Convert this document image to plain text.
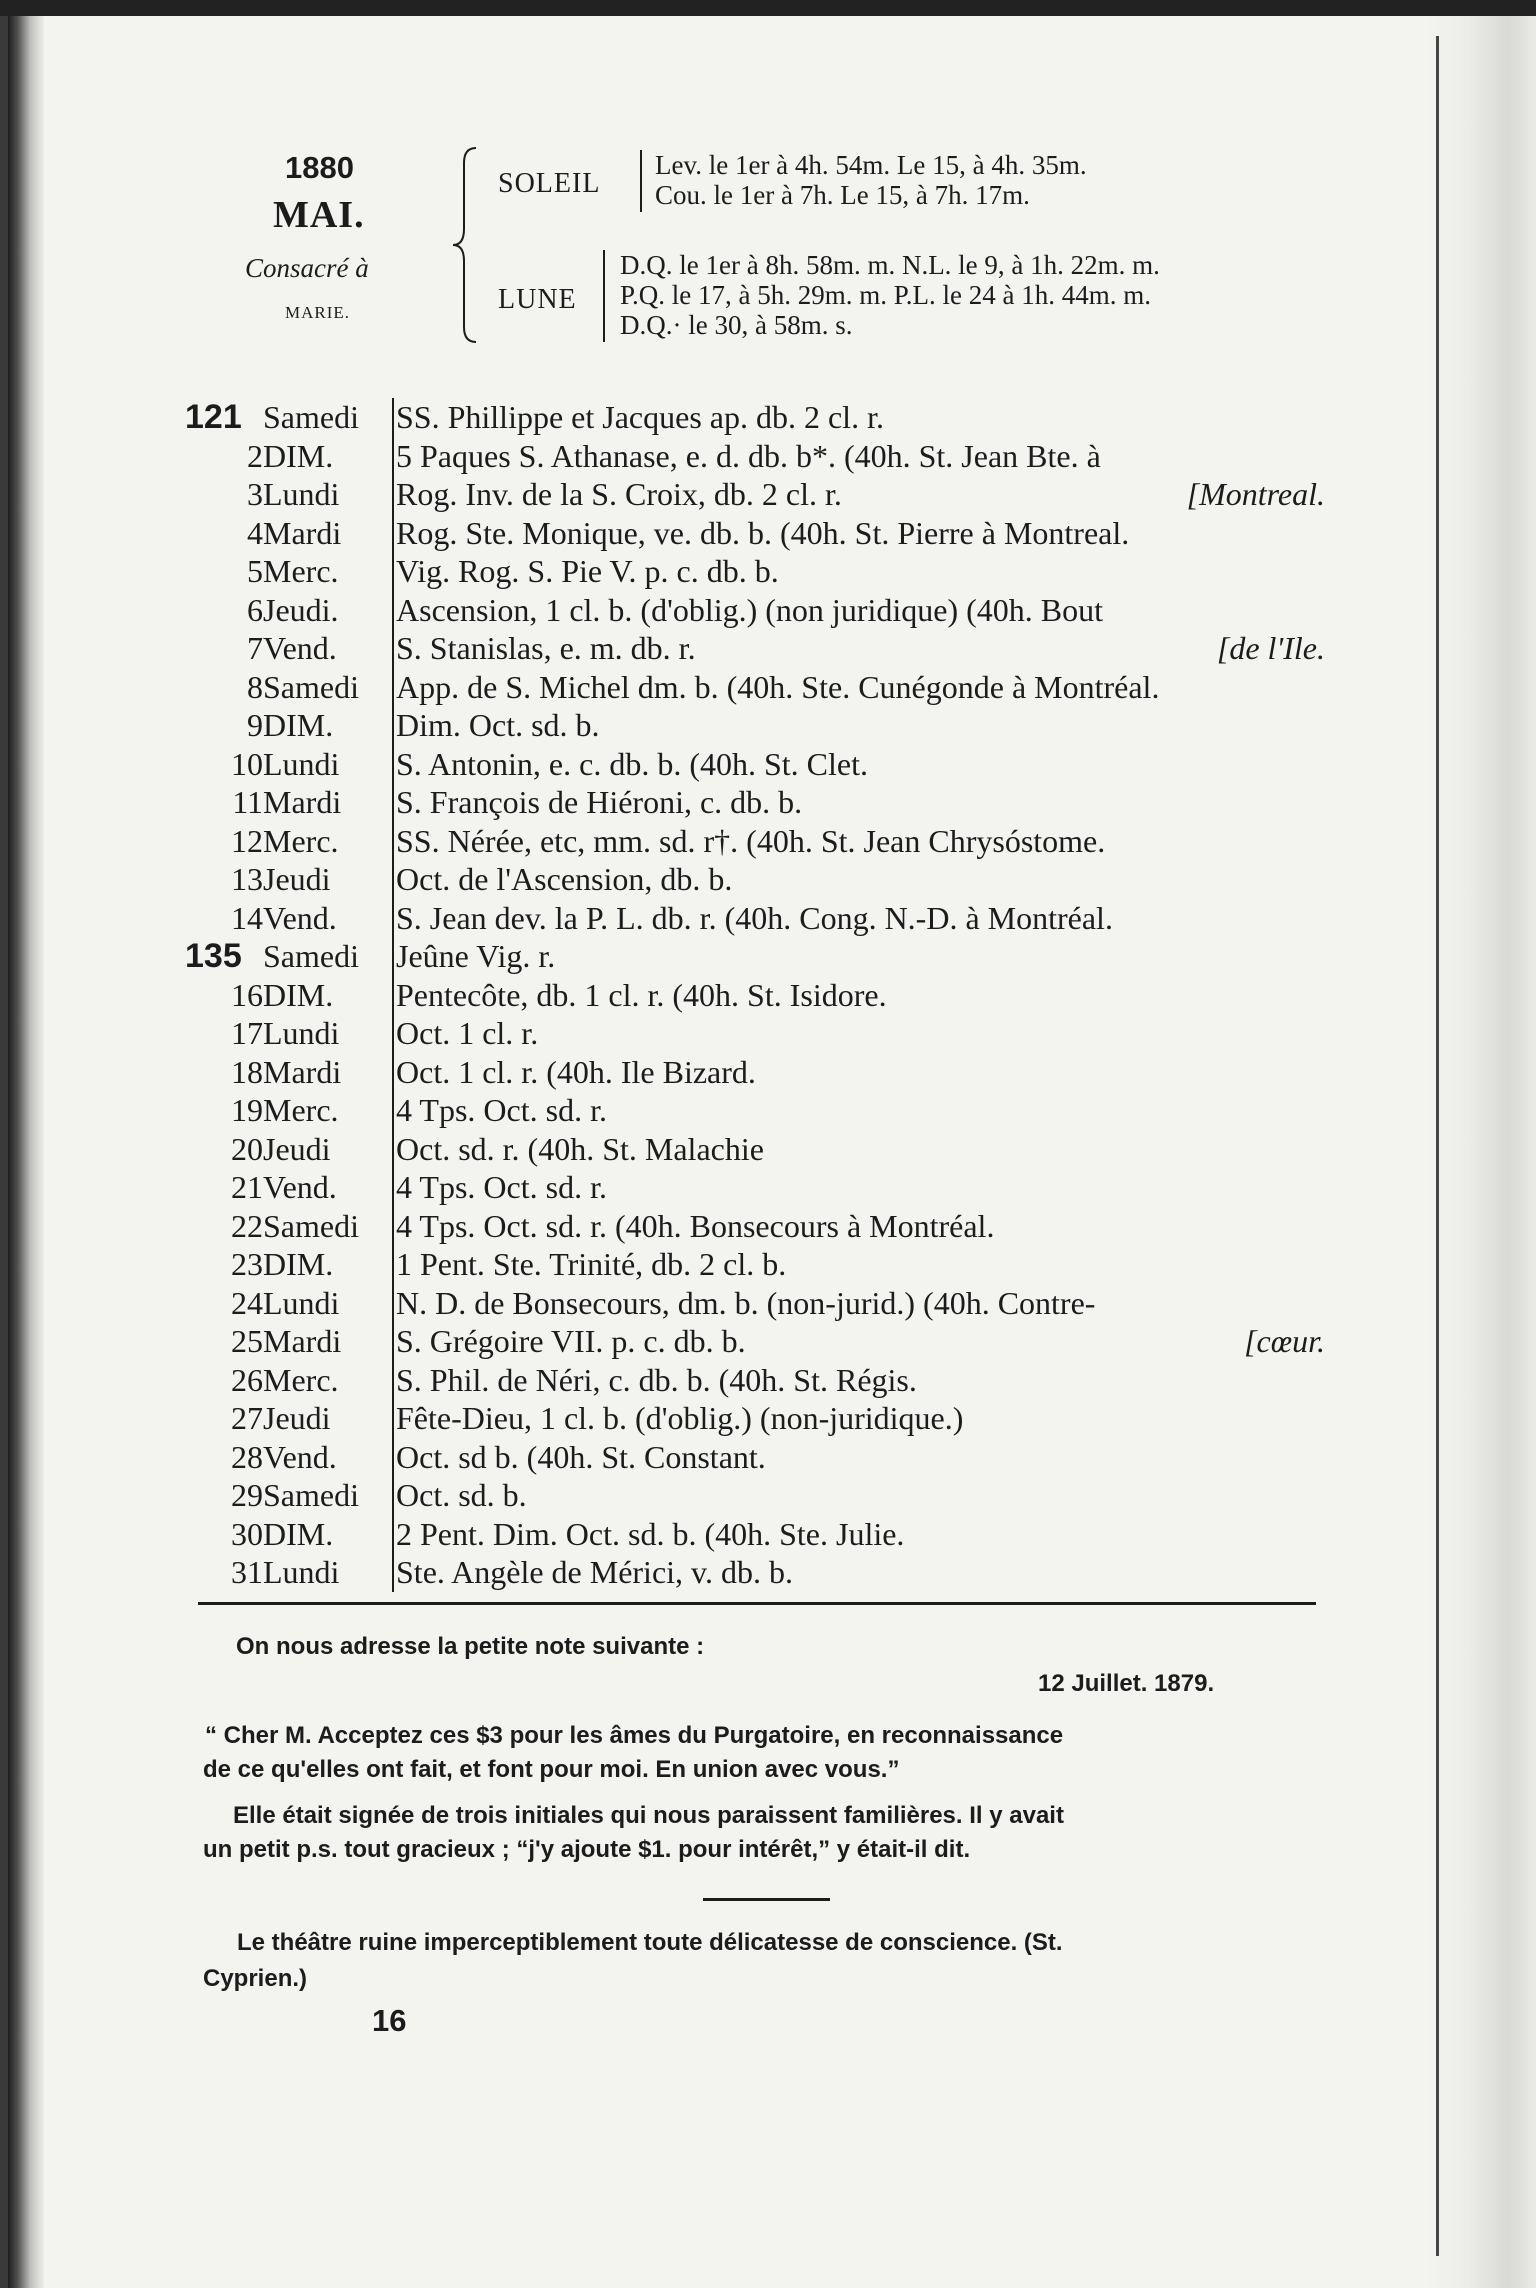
1880
MAI.
Consacré à
MARIE.
SOLEIL
Lev. le 1er à 4h. 54m. Le 15, à 4h. 35m.
Cou. le 1er à 7h. Le 15, à 7h. 17m.
LUNE
D.Q. le 1er à 8h. 58m. m. N.L. le 9, à 1h. 22m. m.
P.Q. le 17, à 5h. 29m. m. P.L. le 24 à 1h. 44m. m.
D.Q.· le 30, à 58m. s.
121 Samedi SS. Phillippe et Jacques ap. db. 2 cl. r.
2 DIM. 5 Paques S. Athanase, e. d. db. b*. (40h. St. Jean Bte. à
3 Lundi Rog. Inv. de la S. Croix, db. 2 cl. r.	[Montreal.
4 Mardi Rog. Ste. Monique, ve. db. b. (40h. St. Pierre à Montreal.
5 Merc. Vig. Rog. S. Pie V. p. c. db. b.
6 Jeudi. Ascension, 1 cl. b. (d'oblig.) (non juridique) (40h. Bout
7 Vend. S. Stanislas, e. m. db. r.	[de l'Ile.
8 Samedi App. de S. Michel dm. b. (40h. Ste. Cunégonde à Montréal.
9 DIM. Dim. Oct. sd. b.
10 Lundi S. Antonin, e. c. db. b. (40h. St. Clet.
11 Mardi S. François de Hiéroni, c. db. b.
12 Merc. SS. Nérée, etc, mm. sd. r†. (40h. St. Jean Chrysóstome.
13 Jeudi Oct. de l'Ascension, db. b.
14 Vend. S. Jean dev. la P. L. db. r. (40h. Cong. N.-D. à Montréal.
135 Samedi Jeûne Vig. r.
16 DIM. Pentecôte, db. 1 cl. r. (40h. St. Isidore.
17 Lundi Oct. 1 cl. r.
18 Mardi Oct. 1 cl. r. (40h. Ile Bizard.
19 Merc. 4 Tps. Oct. sd. r.
20 Jeudi Oct. sd. r. (40h. St. Malachie
21 Vend. 4 Tps. Oct. sd. r.
22 Samedi 4 Tps. Oct. sd. r. (40h. Bonsecours à Montréal.
23 DIM. 1 Pent. Ste. Trinité, db. 2 cl. b.
24 Lundi N. D. de Bonsecours, dm. b. (non-jurid.) (40h. Contre-
25 Mardi S. Grégoire VII. p. c. db. b.	[cœur.
26 Merc. S. Phil. de Néri, c. db. b. (40h. St. Régis.
27 Jeudi Fête-Dieu, 1 cl. b. (d'oblig.) (non-juridique.)
28 Vend. Oct. sd b. (40h. St. Constant.
29 Samedi Oct. sd. b.
30 DIM. 2 Pent. Dim. Oct. sd. b. (40h. Ste. Julie.
31 Lundi Ste. Angèle de Mérici, v. db. b.
On nous adresse la petite note suivante :
12 Juillet. 1879.
“ Cher M. Acceptez ces $3 pour les âmes du Purgatoire, en reconnaissance
de ce qu'elles ont fait, et font pour moi. En union avec vous.”
Elle était signée de trois initiales qui nous paraissent familières. Il y avait
un petit p.s. tout gracieux ; “j'y ajoute $1. pour intérêt,” y était-il dit.
Le théâtre ruine imperceptiblement toute délicatesse de conscience. (St.
Cyprien.)
16
